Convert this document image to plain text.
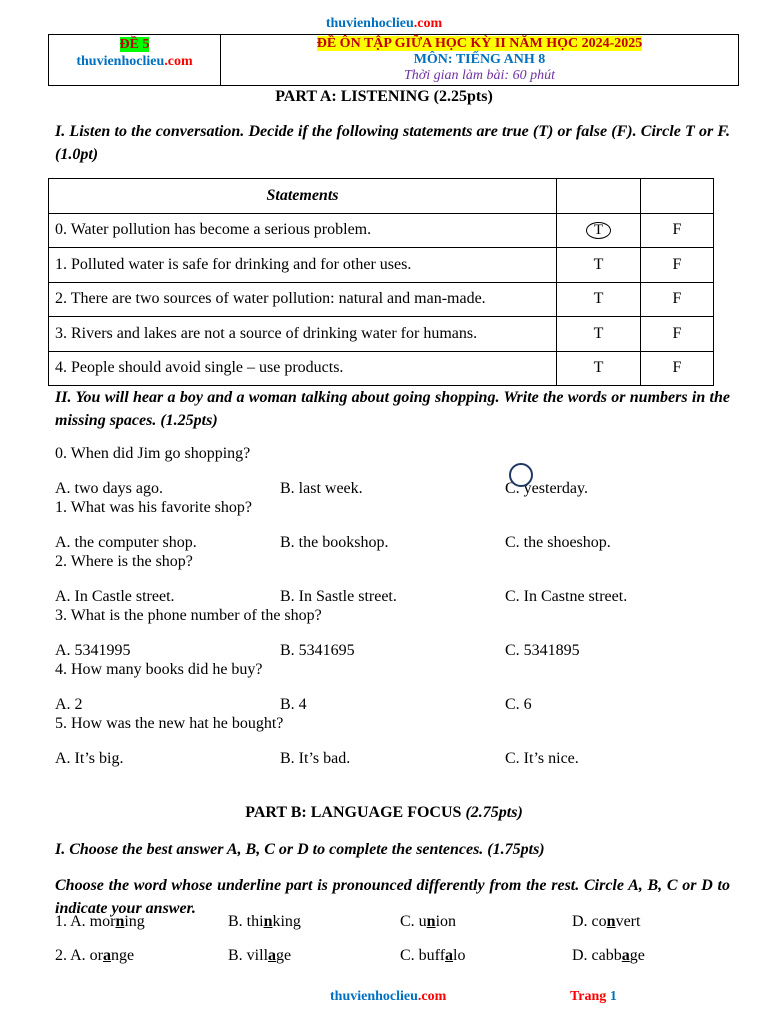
thuvienhoclieu.com
ĐỀ 5
thuvienhoclieu.com
ĐỀ ÔN TẬP GIỮA HỌC KỲ II NĂM HỌC 2024-2025
MÔN: TIẾNG ANH 8
Thời gian làm bài: 60 phút
PART A: LISTENING (2.25pts)
I. Listen to the conversation. Decide if the following statements are true (T) or false (F). Circle T or F. (1.0pt)
Statements		
0. Water pollution has become a serious problem.	T	F
1. Polluted water is safe for drinking and for other uses.	T	F
2. There are two sources of water pollution: natural and man-made.	T	F
3. Rivers and lakes are not a source of drinking water for humans.	T	F
4. People should avoid single – use products.	T	F
II. You will hear a boy and a woman talking about going shopping. Write the words or numbers in the missing spaces. (1.25pts)
0. When did Jim go shopping?
A. two days ago.	B. last week.	C. yesterday.
1. What was his favorite shop?
A. the computer shop.	B. the bookshop.	C. the shoeshop.
2. Where is the shop?
A. In Castle street.	B. In Sastle street.	C. In Castne street.
3. What is the phone number of the shop?
A. 5341995	B. 5341695	C. 5341895
4. How many books did he buy?
A. 2	B. 4	C. 6
5. How was the new hat he bought?
A. It’s big.	B. It’s bad.	C. It’s nice.
PART B: LANGUAGE FOCUS (2.75pts)
I. Choose the best answer A, B, C or D to complete the sentences. (1.75pts)
Choose the word whose underline part is pronounced differently from the rest. Circle A, B, C or D to indicate your answer.
1. A. morning	B. thinking	C. union	D. convert
2. A. orange	B. village	C. buffalo	D. cabbage
thuvienhoclieu.com	Trang 1
